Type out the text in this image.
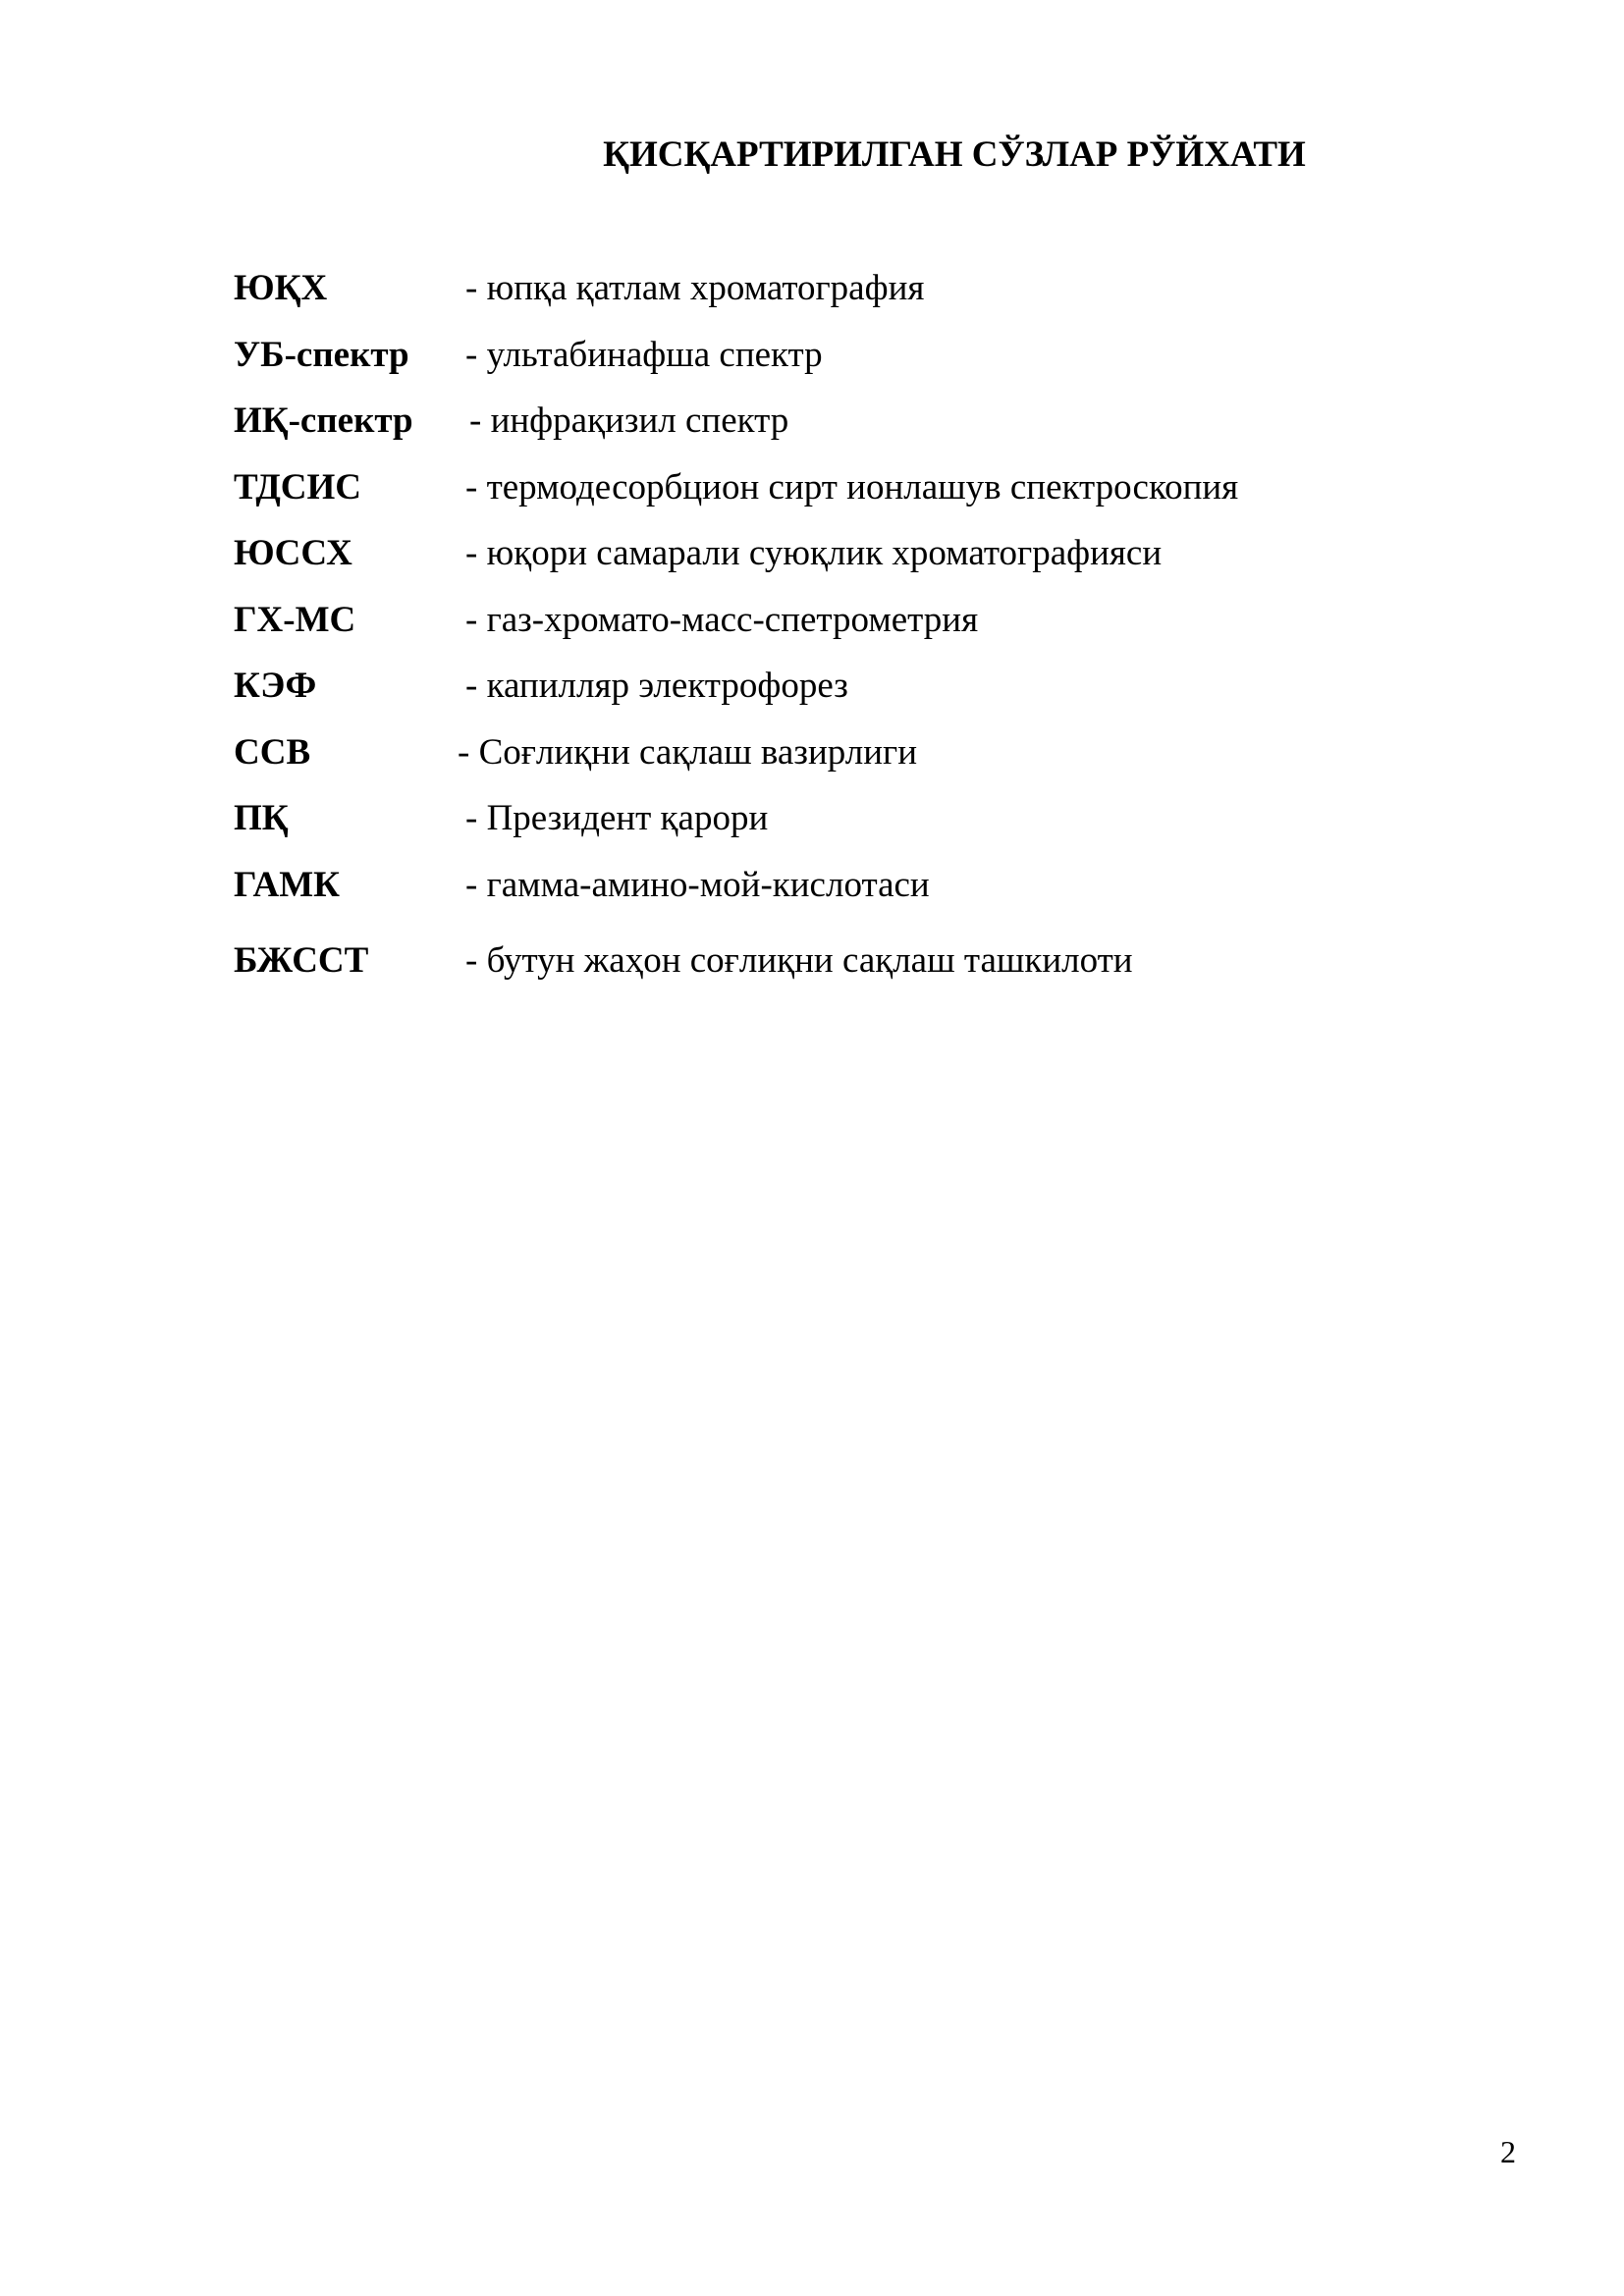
ҚИСҚАРТИРИЛГАН СЎЗЛАР РЎЙХАТИ
ЮҚХ	- юпқа қатлам хроматография
УБ-спектр - ультабинафша спектр
ИҚ-спектр - инфрақизил спектр
ТДСИС	- термодесорбцион сирт ионлашув спектроскопия
ЮССХ	- юқори самарали суюқлик хроматографияси
ГХ-МС	- газ-хромато-масс-спетрометрия
КЭФ	- капилляр электрофорез
ССВ	- Соғлиқни сақлаш вазирлиги
ПҚ	- Президент қарори
ГАМК	- гамма-амино-мой-кислотаси
БЖССТ	- бутун жаҳон соғлиқни сақлаш ташкилоти
2
